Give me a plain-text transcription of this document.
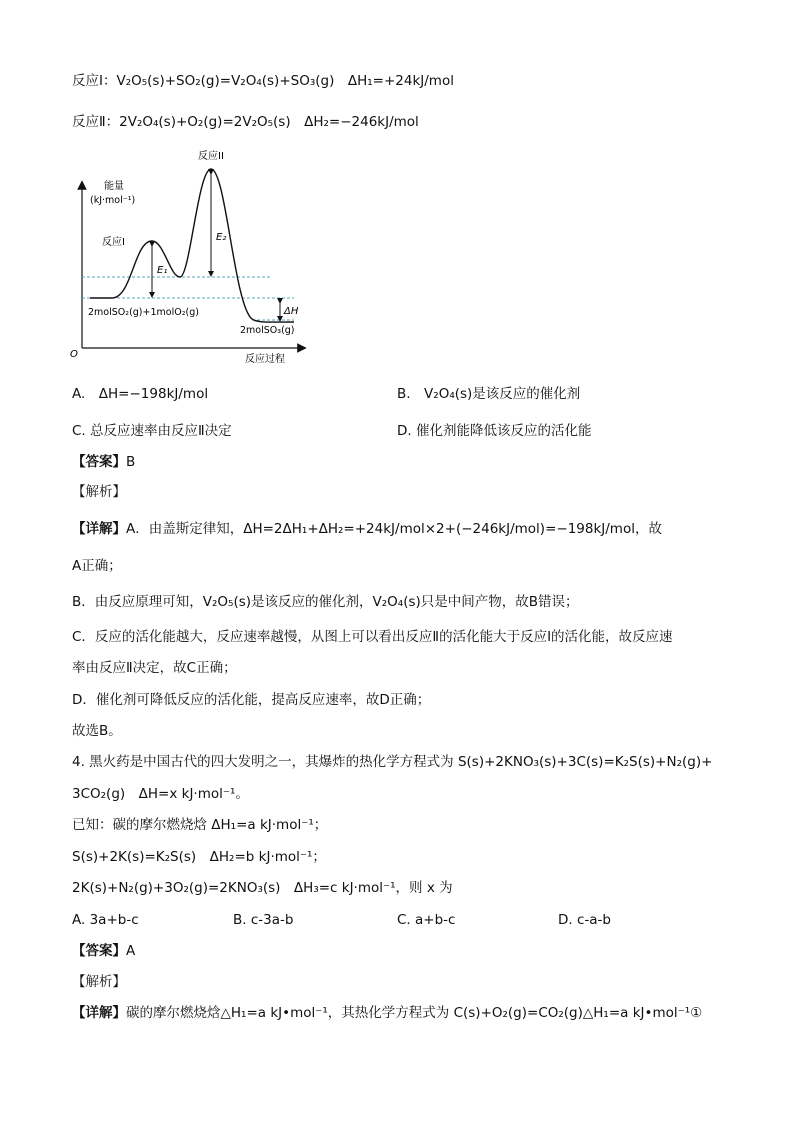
反应Ⅰ：V₂O₅(s)+SO₂(g)=V₂O₄(s)+SO₃(g)　ΔH₁=+24kJ/mol
反应Ⅱ：2V₂O₄(s)+O₂(g)=2V₂O₅(s)　ΔH₂=−246kJ/mol
E₁
E₂
ΔH
能量
(kJ·mol⁻¹)
反应I
反应II
2molSO₂(g)+1molO₂(g)
2molSO₃(g)
O	反应过程
A.　ΔH=−198kJ/mol	B.　V₂O₄(s)是该反应的催化剂
C. 总反应速率由反应Ⅱ决定	D. 催化剂能降低该反应的活化能
【答案】B
【解析】
【详解】A．由盖斯定律知，ΔH=2ΔH₁+ΔH₂=+24kJ/mol×2+(−246kJ/mol)=−198kJ/mol，故
A正确；
B．由反应原理可知，V₂O₅(s)是该反应的催化剂，V₂O₄(s)只是中间产物，故B错误；
C．反应的活化能越大，反应速率越慢，从图上可以看出反应Ⅱ的活化能大于反应Ⅰ的活化能，故反应速
率由反应Ⅱ决定，故C正确；
D．催化剂可降低反应的活化能，提高反应速率，故D正确；
故选B。
4. 黑火药是中国古代的四大发明之一，其爆炸的热化学方程式为 S(s)+2KNO₃(s)+3C(s)=K₂S(s)+N₂(g)+
3CO₂(g)　ΔH=x kJ·mol⁻¹。
已知：碳的摩尔燃烧焓 ΔH₁=a kJ·mol⁻¹；
S(s)+2K(s)=K₂S(s)　ΔH₂=b kJ·mol⁻¹；
2K(s)+N₂(g)+3O₂(g)=2KNO₃(s)　ΔH₃=c kJ·mol⁻¹，则 x 为
A. 3a+b-c	B. c-3a-b	C. a+b-c	D. c-a-b
【答案】A
【解析】
【详解】碳的摩尔燃烧焓△H₁=a kJ•mol⁻¹，其热化学方程式为 C(s)+O₂(g)=CO₂(g)△H₁=a kJ•mol⁻¹①
